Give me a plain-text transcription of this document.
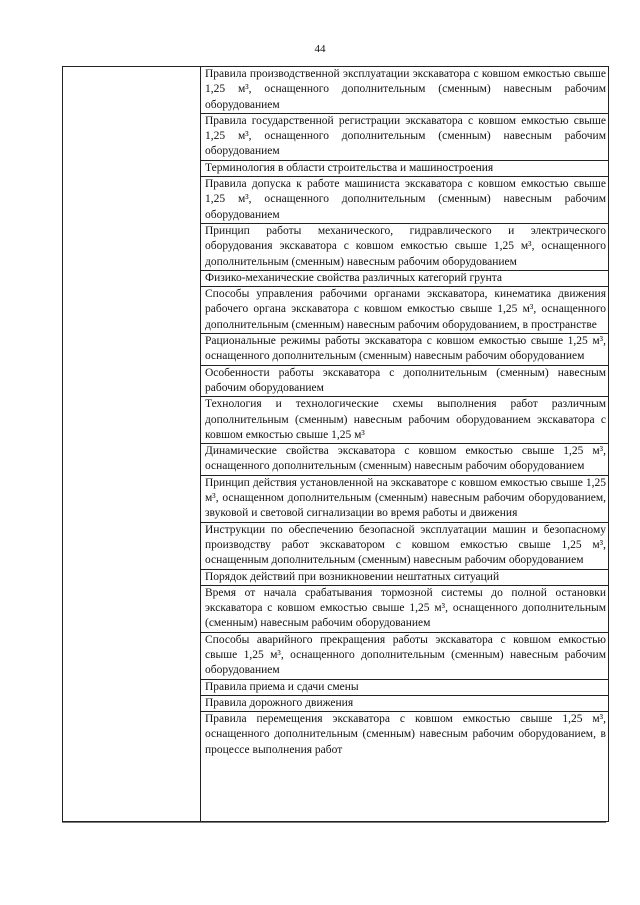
44

Правила производственной эксплуатации экскаватора с ковшом емкостью свыше 1,25 м³, оснащенного дополнительным (сменным) навесным рабочим оборудованием
Правила государственной регистрации экскаватора с ковшом емкостью свыше 1,25 м³, оснащенного дополнительным (сменным) навесным рабочим оборудованием
Терминология в области строительства и машиностроения
Правила допуска к работе машиниста экскаватора с ковшом емкостью свыше 1,25 м³, оснащенного дополнительным (сменным) навесным рабочим оборудованием
Принцип работы механического, гидравлического и электрического оборудования экскаватора с ковшом емкостью свыше 1,25 м³, оснащенного дополнительным (сменным) навесным рабочим оборудованием
Физико-механические свойства различных категорий грунта
Способы управления рабочими органами экскаватора, кинематика движения рабочего органа экскаватора с ковшом емкостью свыше 1,25 м³, оснащенного дополнительным (сменным) навесным рабочим оборудованием, в пространстве
Рациональные режимы работы экскаватора с ковшом емкостью свыше 1,25 м³, оснащенного дополнительным (сменным) навесным рабочим оборудованием
Особенности работы экскаватора с дополнительным (сменным) навесным рабочим оборудованием
Технология и технологические схемы выполнения работ различным дополнительным (сменным) навесным рабочим оборудованием экскаватора с ковшом емкостью свыше 1,25 м³
Динамические свойства экскаватора с ковшом емкостью свыше 1,25 м³, оснащенного дополнительным (сменным) навесным рабочим оборудованием
Принцип действия установленной на экскаваторе с ковшом емкостью свыше 1,25 м³, оснащенном дополнительным (сменным) навесным рабочим оборудованием, звуковой и световой сигнализации во время работы и движения
Инструкции по обеспечению безопасной эксплуатации машин и безопасному производству работ экскаватором с ковшом емкостью свыше 1,25 м³, оснащенным дополнительным (сменным) навесным рабочим оборудованием
Порядок действий при возникновении нештатных ситуаций
Время от начала срабатывания тормозной системы до полной остановки экскаватора с ковшом емкостью свыше 1,25 м³, оснащенного дополнительным (сменным) навесным рабочим оборудованием
Способы аварийного прекращения работы экскаватора с ковшом емкостью свыше 1,25 м³, оснащенного дополнительным (сменным) навесным рабочим оборудованием
Правила приема и сдачи смены
Правила дорожного движения
Правила перемещения экскаватора с ковшом емкостью свыше 1,25 м³, оснащенного дополнительным (сменным) навесным рабочим оборудованием, в процессе выполнения работ
